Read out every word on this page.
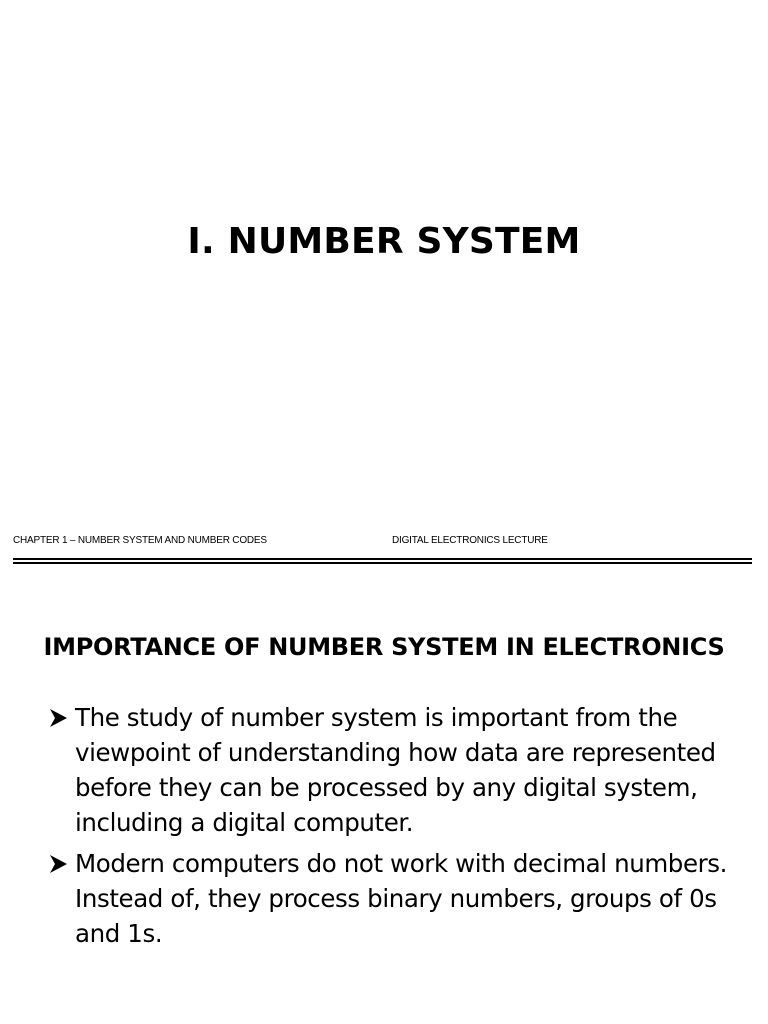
I. NUMBER SYSTEM
CHAPTER 1 – NUMBER SYSTEM AND NUMBER CODES	DIGITAL ELECTRONICS LECTURE
IMPORTANCE OF NUMBER SYSTEM IN ELECTRONICS
The study of number system is important from the viewpoint of understanding how data are represented before they can be processed by any digital system, including a digital computer.
Modern computers do not work with decimal numbers. Instead of, they process binary numbers, groups of 0s and 1s.
